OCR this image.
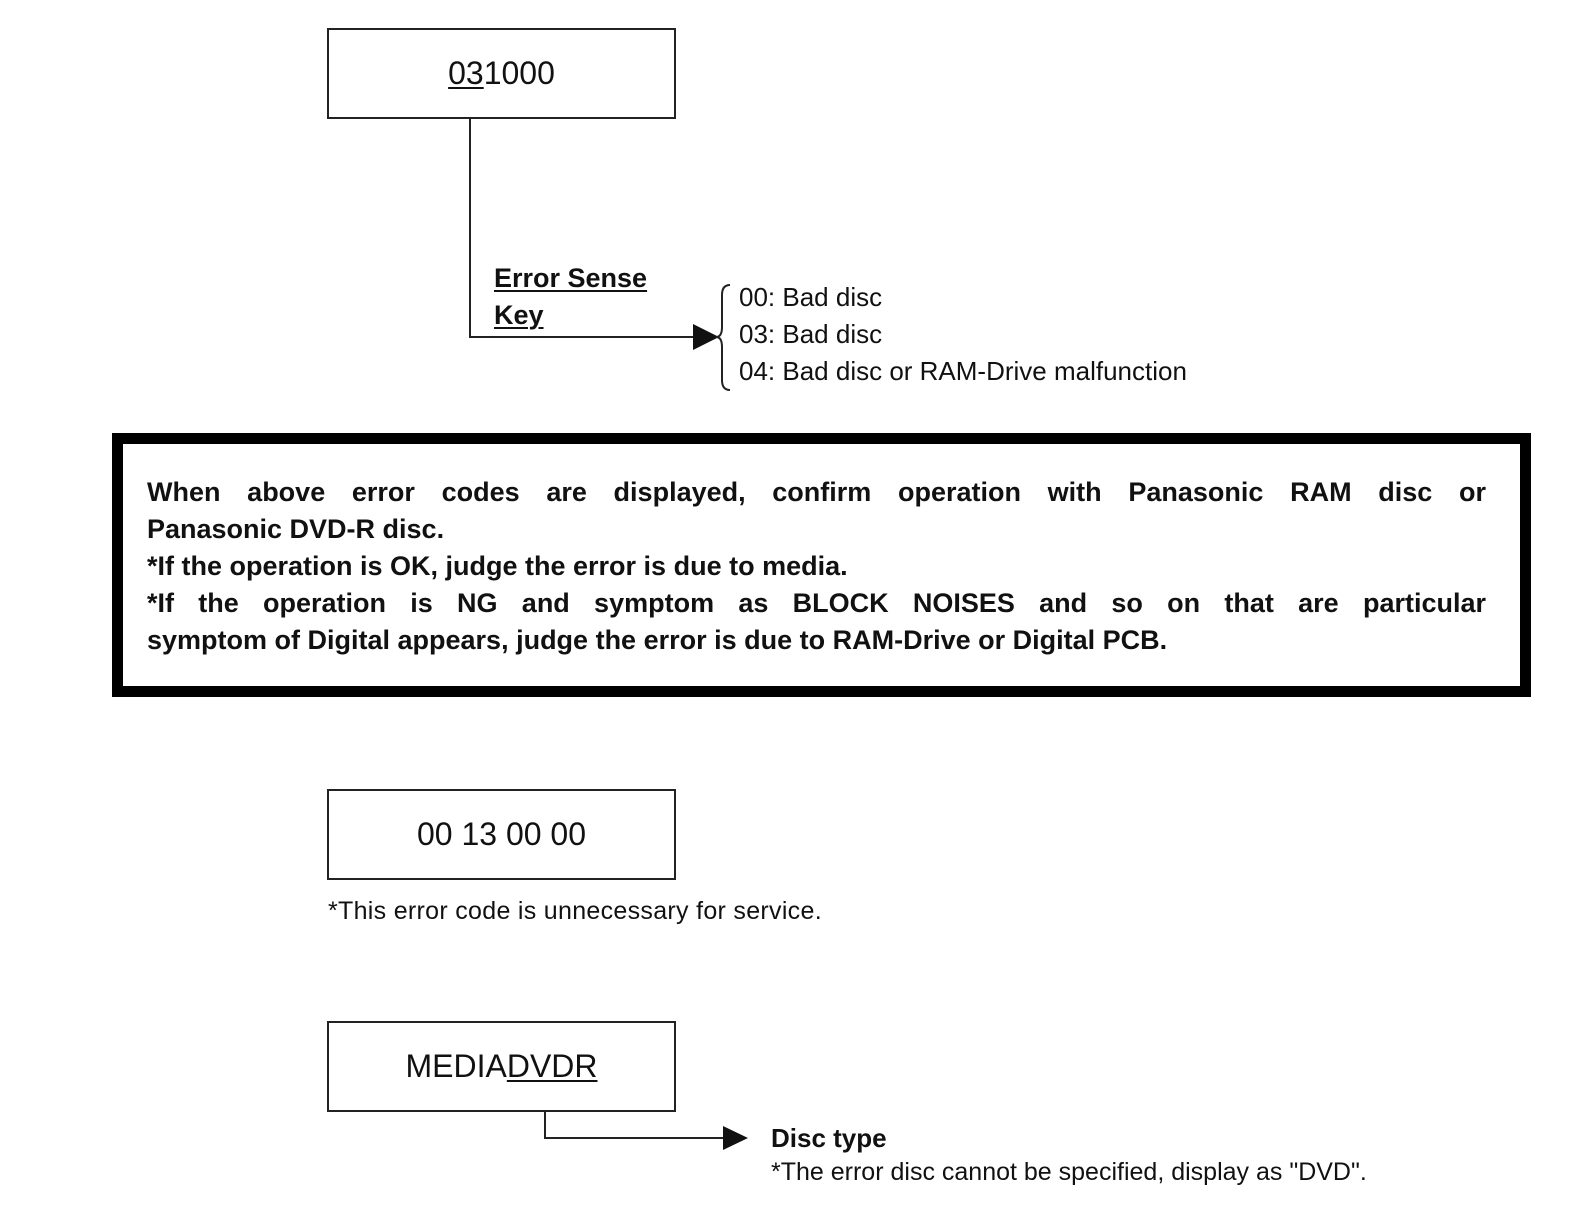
03 1000
Error Sense
Key
00: Bad disc
03: Bad disc
04: Bad disc or RAM-Drive malfunction
When above error codes are displayed, confirm operation with Panasonic RAM disc or
Panasonic DVD-R disc.
*If the operation is OK, judge the error is due to media.
*If the operation is NG and symptom as BLOCK NOISES and so on that are particular
symptom of Digital appears, judge the error is due to RAM-Drive or Digital PCB.
00 13 00 00
*This error code is unnecessary for service.
MEDIA DVDR
Disc type
*The error disc cannot be specified, display as "DVD".
